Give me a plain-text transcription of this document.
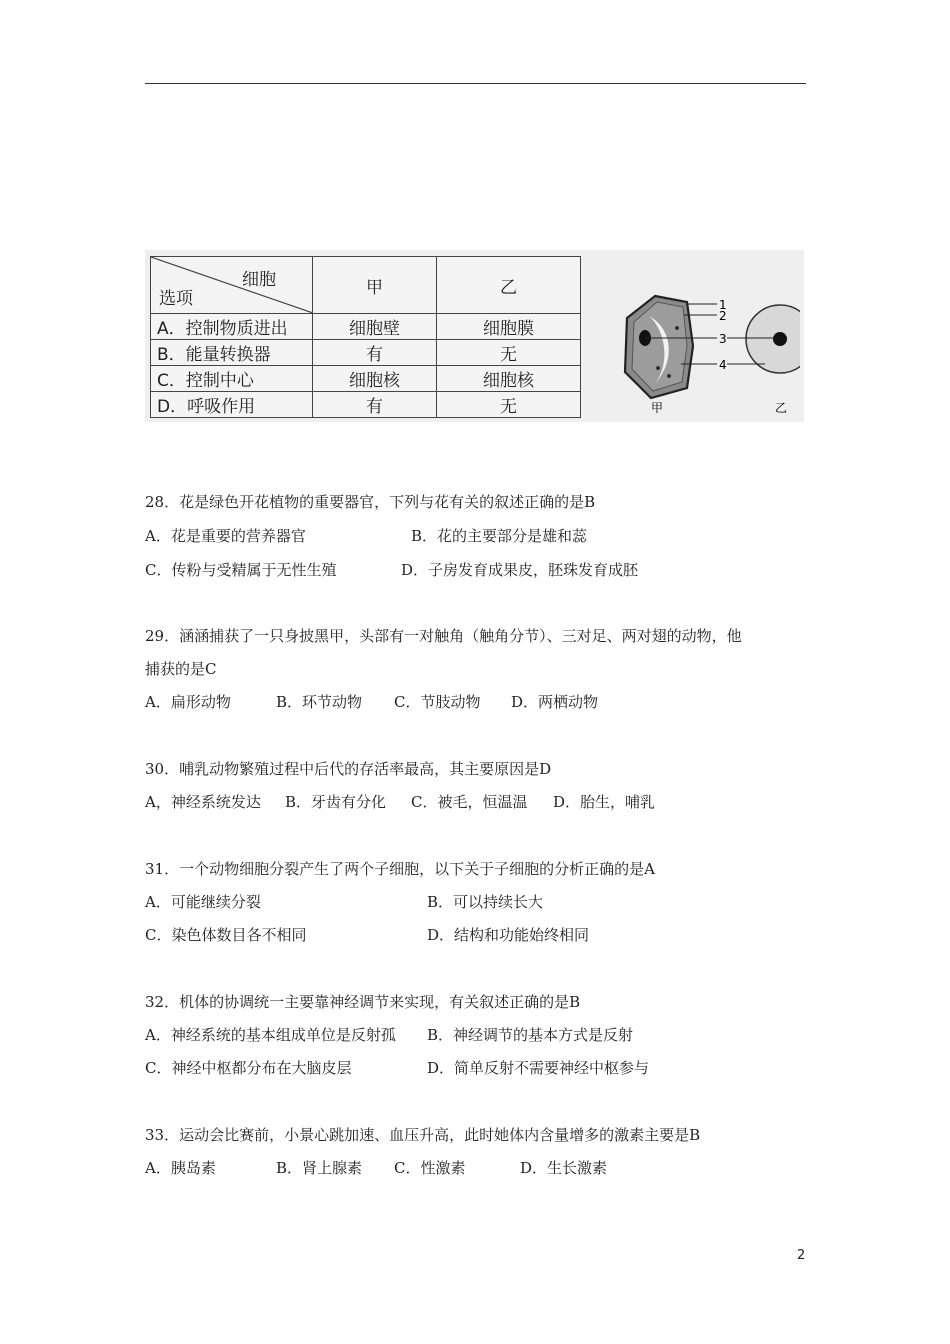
细胞
选项	甲	乙
A．控制物质进出	细胞壁	细胞膜
B．能量转换器	有	无
C．控制中心	细胞核	细胞核
D．呼吸作用	有	无
1
2
3
4
甲	乙
28．花是绿色开花植物的重要器官，下列与花有关的叙述正确的是B
A．花是重要的营养器官	B．花的主要部分是雄和蕊
C．传粉与受精属于无性生殖	D．子房发育成果皮，胚珠发育成胚
29．涵涵捕获了一只身披黑甲，头部有一对触角（触角分节）、三对足、两对翅的动物，他
捕获的是C
A．扁形动物	B．环节动物 C．节肢动物 D．两栖动物
30．哺乳动物繁殖过程中后代的存活率最高，其主要原因是D
A，神经系统发达 B．牙齿有分化 C．被毛，恒温温 D．胎生，哺乳
31．一个动物细胞分裂产生了两个子细胞，以下关于子细胞的分析正确的是A
A．可能继续分裂	B．可以持续长大
C．染色体数目各不相同	D．结构和功能始终相同
32．机体的协调统一主要靠神经调节来实现，有关叙述正确的是B
A．神经系统的基本组成单位是反射孤 B．神经调节的基本方式是反射
C．神经中枢都分布在大脑皮层	D．简单反射不需要神经中枢参与
33．运动会比赛前，小景心跳加速、血压升高，此时她体内含量增多的激素主要是B
A．胰岛素	B．肾上腺素 C．性激素	D．生长激素
2
